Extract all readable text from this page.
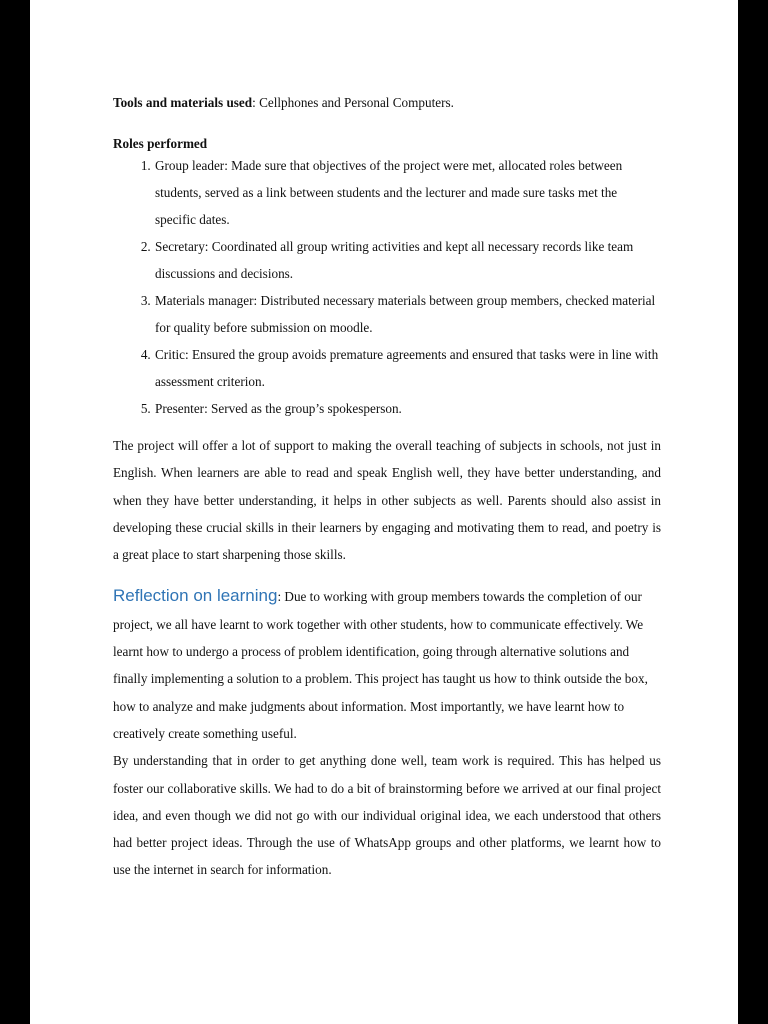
Tools and materials used: Cellphones and Personal Computers.

Roles performed

1. Group leader: Made sure that objectives of the project were met, allocated roles between students, served as a link between students and the lecturer and made sure tasks met the specific dates.
2. Secretary: Coordinated all group writing activities and kept all necessary records like team discussions and decisions.
3. Materials manager: Distributed necessary materials between group members, checked material for quality before submission on moodle.
4. Critic: Ensured the group avoids premature agreements and ensured that tasks were in line with assessment criterion.
5. Presenter: Served as the group’s spokesperson.

The project will offer a lot of support to making the overall teaching of subjects in schools, not just in English. When learners are able to read and speak English well, they have better understanding, and when they have better understanding, it helps in other subjects as well. Parents should also assist in developing these crucial skills in their learners by engaging and motivating them to read, and poetry is a great place to start sharpening those skills.

Reflection on learning: Due to working with group members towards the completion of our project, we all have learnt to work together with other students, how to communicate effectively. We learnt how to undergo a process of problem identification, going through alternative solutions and finally implementing a solution to a problem. This project has taught us how to think outside the box, how to analyze and make judgments about information. Most importantly, we have learnt how to creatively create something useful.

By understanding that in order to get anything done well, team work is required. This has helped us foster our collaborative skills. We had to do a bit of brainstorming before we arrived at our final project idea, and even though we did not go with our individual original idea, we each understood that others had better project ideas. Through the use of WhatsApp groups and other platforms, we learnt how to use the internet in search for information.
